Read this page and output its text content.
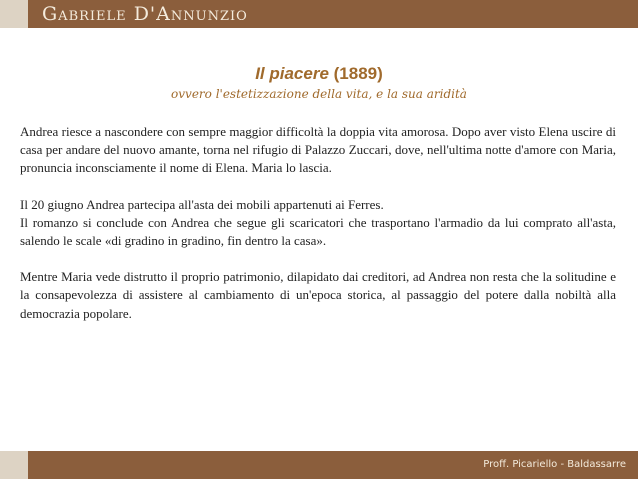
Gabriele D'Annunzio
Il piacere (1889)
ovvero l'estetizzazione della vita, e la sua aridità

Andrea riesce a nascondere con sempre maggior difficoltà la doppia vita amorosa. Dopo aver visto Elena uscire di casa per andare del nuovo amante, torna nel rifugio di Palazzo Zuccari, dove, nell'ultima notte d'amore con Maria, pronuncia inconsciamente il nome di Elena. Maria lo lascia.

Il 20 giugno Andrea partecipa all'asta dei mobili appartenuti ai Ferres.

Il romanzo si conclude con Andrea che segue gli scaricatori che trasportano l'armadio da lui comprato all'asta, salendo le scale «di gradino in gradino, fin dentro la casa».

Mentre Maria vede distrutto il proprio patrimonio, dilapidato dai creditori, ad Andrea non resta che la solitudine e la consapevolezza di assistere al cambiamento di un'epoca storica, al passaggio del potere dalla nobiltà alla democrazia popolare.

Proff. Picariello - Baldassarre
